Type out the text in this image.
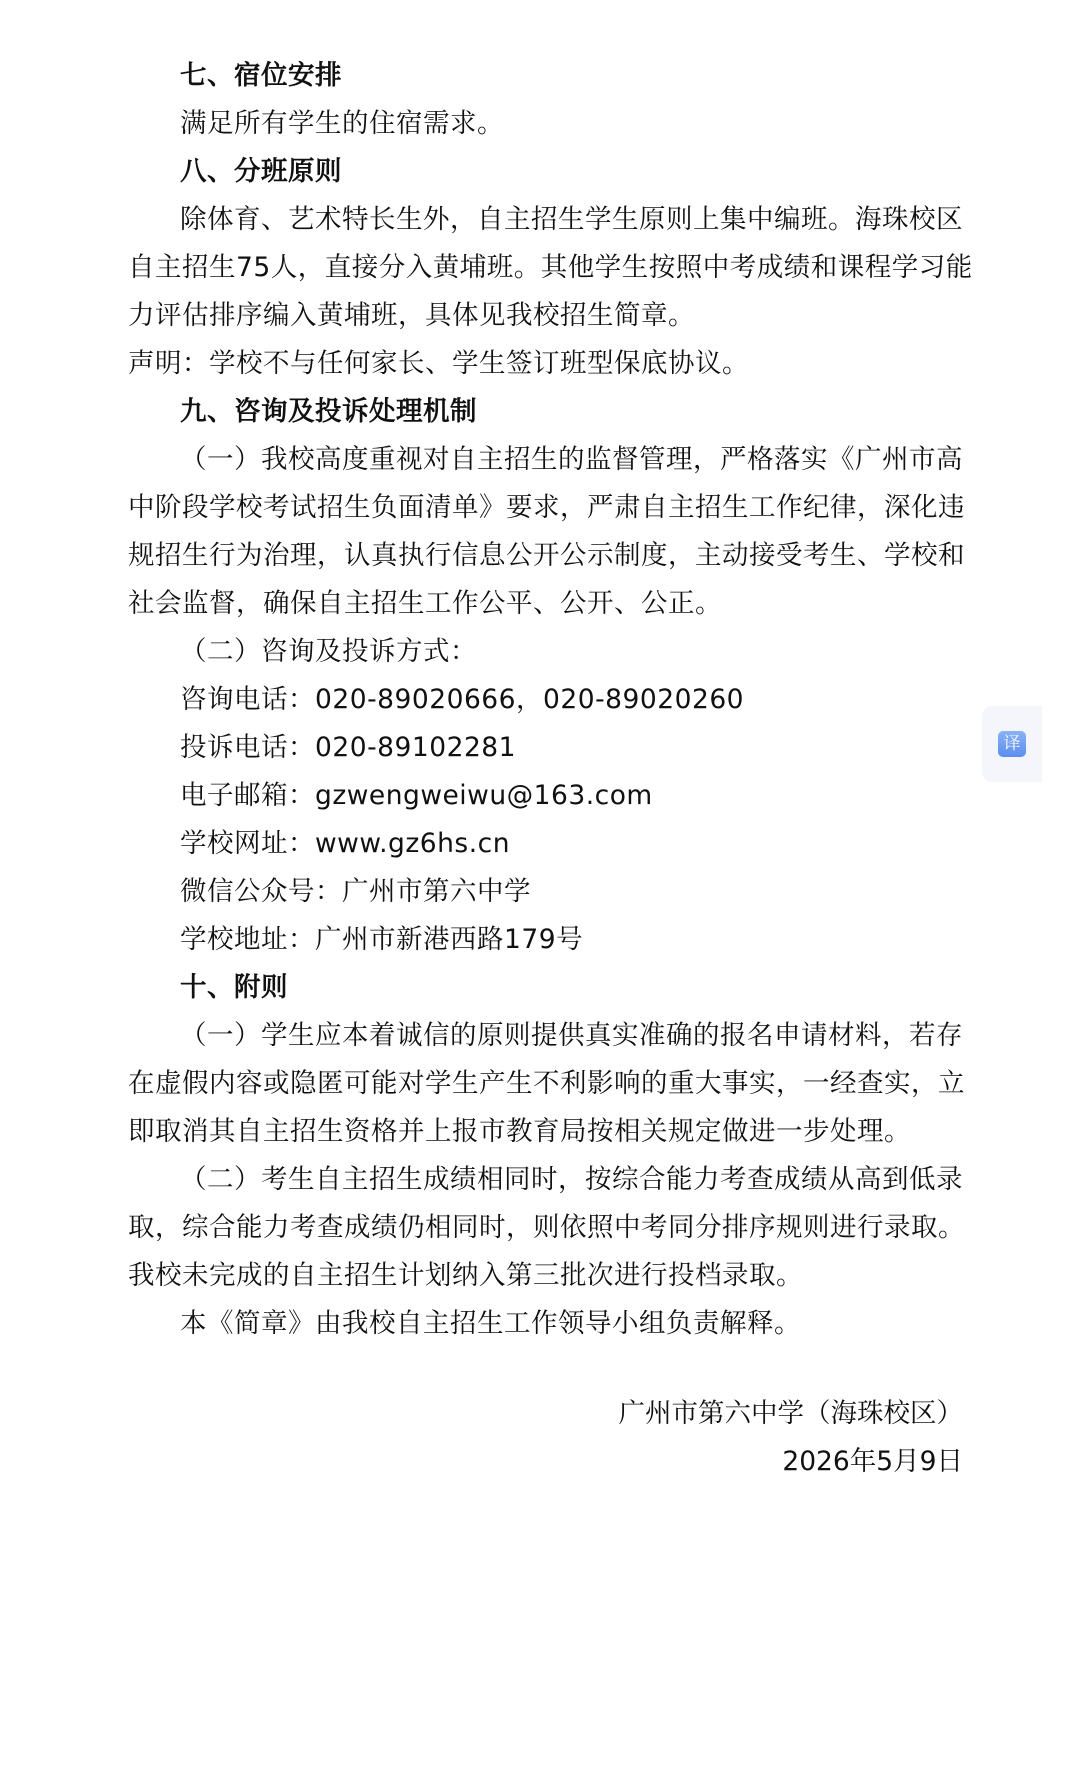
七、宿位安排
满足所有学生的住宿需求。
八、分班原则
除体育、艺术特长生外，自主招生学生原则上集中编班。海珠校区
自主招生75人，直接分入黄埔班。其他学生按照中考成绩和课程学习能
力评估排序编入黄埔班，具体见我校招生简章。
声明：学校不与任何家长、学生签订班型保底协议。
九、咨询及投诉处理机制
（一）我校高度重视对自主招生的监督管理，严格落实《广州市高
中阶段学校考试招生负面清单》要求，严肃自主招生工作纪律，深化违
规招生行为治理，认真执行信息公开公示制度，主动接受考生、学校和
社会监督，确保自主招生工作公平、公开、公正。
（二）咨询及投诉方式：
咨询电话：020-89020666，020-89020260
投诉电话：020-89102281
电子邮箱：gzwengweiwu@163.com
学校网址：www.gz6hs.cn
微信公众号：广州市第六中学
学校地址：广州市新港西路179号
十、附则
（一）学生应本着诚信的原则提供真实准确的报名申请材料，若存
在虚假内容或隐匿可能对学生产生不利影响的重大事实，一经查实，立
即取消其自主招生资格并上报市教育局按相关规定做进一步处理。
（二）考生自主招生成绩相同时，按综合能力考查成绩从高到低录
取，综合能力考查成绩仍相同时，则依照中考同分排序规则进行录取。
我校未完成的自主招生计划纳入第三批次进行投档录取。
本《简章》由我校自主招生工作领导小组负责解释。
广州市第六中学（海珠校区）
2026年5月9日
译
